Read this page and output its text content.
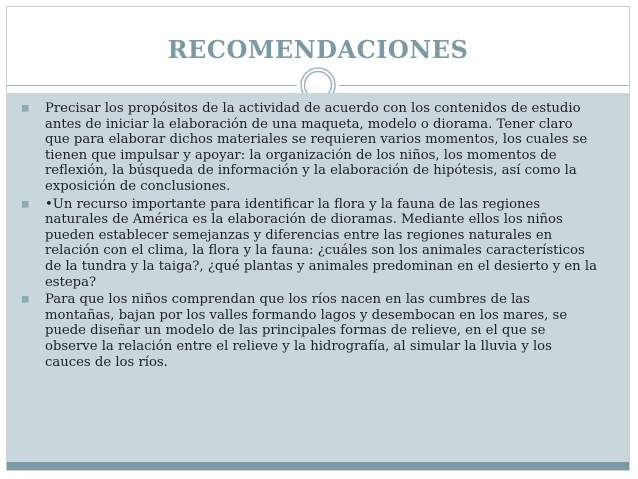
RECOMENDACIONES
◼ Precisar los propósitos de la actividad de acuerdo con los contenidos de estudio antes de iniciar la elaboración de una maqueta, modelo o diorama. Tener claro que para elaborar dichos materiales se requieren varios momentos, los cuales se tienen que impulsar y apoyar: la organización de los niños, los momentos de reflexión, la búsqueda de información y la elaboración de hipótesis, así como la exposición de conclusiones.
◼ •Un recurso importante para identificar la flora y la fauna de las regiones naturales de América es la elaboración de dioramas. Mediante ellos los niños pueden establecer semejanzas y diferencias entre las regiones naturales en relación con el clima, la flora y la fauna: ¿cuáles son los animales característicos de la tundra y la taiga?, ¿qué plantas y animales predominan en el desierto y en la estepa?
◼ Para que los niños comprendan que los ríos nacen en las cumbres de las montañas, bajan por los valles formando lagos y desembocan en los mares, se puede diseñar un modelo de las principales formas de relieve, en el que se observe la relación entre el relieve y la hidrografía, al simular la lluvia y los cauces de los ríos.
